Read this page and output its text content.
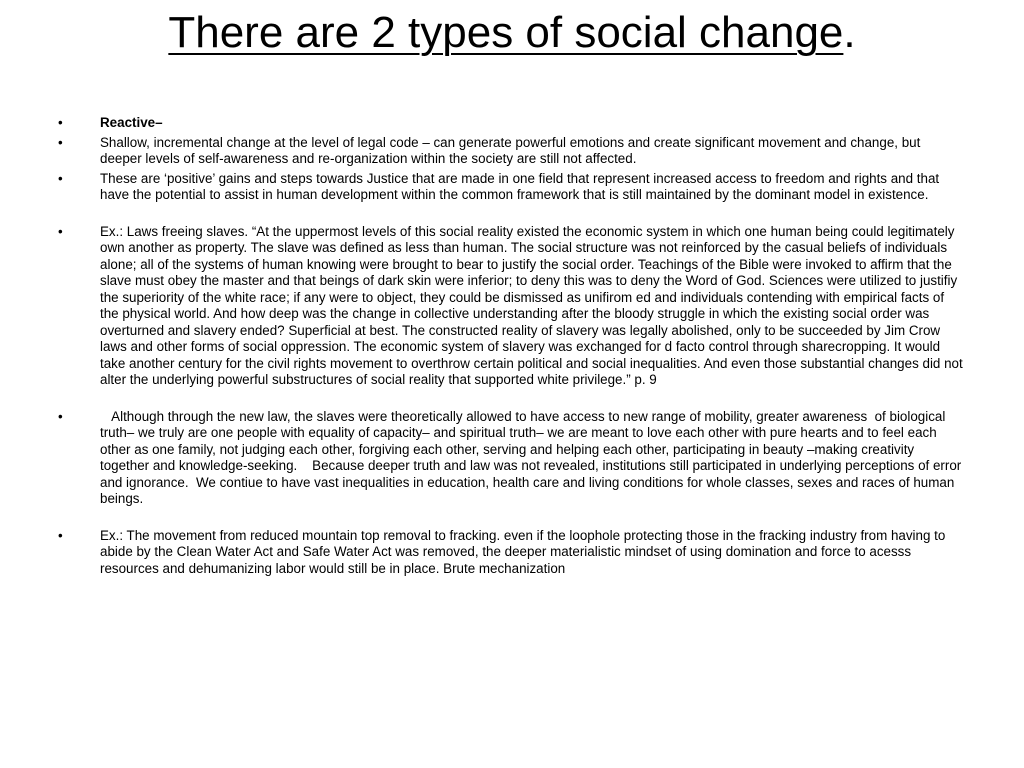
There are 2 types of social change.
•	Reactive–
•	Shallow, incremental change at the level of legal code – can generate powerful emotions and create significant movement and change, but deeper levels of self-awareness and re-organization within the society are still not affected.
•	These are ‘positive’ gains and steps towards Justice that are made in one field that represent increased access to freedom and rights and that have the potential to assist in human development within the common framework that is still maintained by the dominant model in existence.
•	Ex.: Laws freeing slaves. “At the uppermost levels of this social reality existed the economic system in which one human being could legitimately own another as property. The slave was defined as less than human. The social structure was not reinforced by the casual beliefs of individuals alone; all of the systems of human knowing were brought to bear to justify the social order. Teachings of the Bible were invoked to affirm that the slave must obey the master and that beings of dark skin were inferior; to deny this was to deny the Word of God. Sciences were utilized to justifiy the superiority of the white race; if any were to object, they could be dismissed as unifirom ed and individuals contending with empirical facts of the physical world. And how deep was the change in collective understanding after the bloody struggle in which the existing social order was overturned and slavery ended? Superficial at best. The constructed reality of slavery was legally abolished, only to be succeeded by Jim Crow laws and other forms of social oppression. The economic system of slavery was exchanged for d facto control through sharecropping. It would take another century for the civil rights movement to overthrow certain political and social inequalities. And even those substantial changes did not alter the underlying powerful substructures of social reality that supported white privilege.” p. 9
•	Although through the new law, the slaves were theoretically allowed to have access to new range of mobility, greater awareness  of biological truth– we truly are one people with equality of capacity– and spiritual truth– we are meant to love each other with pure hearts and to feel each other as one family, not judging each other, forgiving each other, serving and helping each other, participating in beauty –making creativity together and knowledge-seeking.    Because deeper truth and law was not revealed, institutions still participated in underlying perceptions of error and ignorance.  We contiue to have vast inequalities in education, health care and living conditions for whole classes, sexes and races of human beings.
•	Ex.: The movement from reduced mountain top removal to fracking. even if the loophole protecting those in the fracking industry from having to abide by the Clean Water Act and Safe Water Act was removed, the deeper materialistic mindset of using domination and force to acesss resources and dehumanizing labor would still be in place. Brute mechanization
